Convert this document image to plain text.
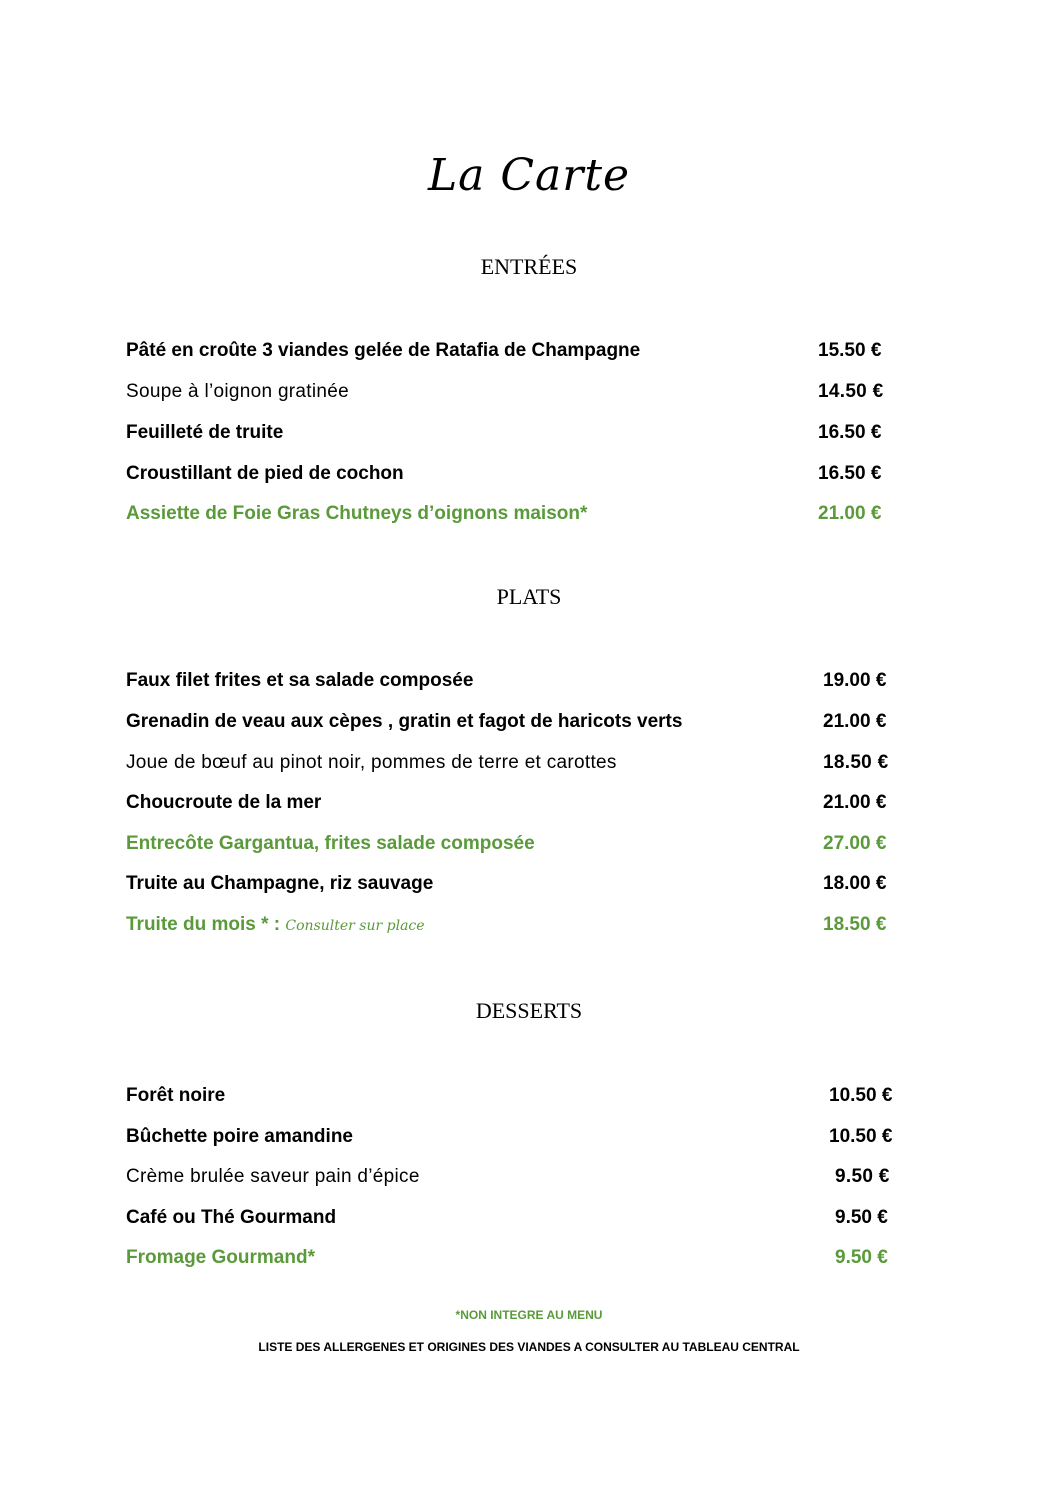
La Carte
ENTRÉES
Pâté en croûte 3 viandes gelée de Ratafia de Champagne	15.50 €
Soupe à l’oignon gratinée	14.50 €
Feuilleté de truite	16.50 €
Croustillant de pied de cochon	16.50 €
Assiette de Foie Gras Chutneys d’oignons maison*	21.00 €
PLATS
Faux filet frites et sa salade composée	19.00 €
Grenadin de veau aux cèpes , gratin et fagot de haricots verts	21.00 €
Joue de bœuf au pinot noir, pommes de terre et carottes	18.50 €
Choucroute de la mer	21.00 €
Entrecôte Gargantua, frites salade composée	27.00 €
Truite au Champagne, riz sauvage	18.00 €
Truite du mois * : Consulter sur place	18.50 €
DESSERTS
Forêt noire	10.50 €
Bûchette poire amandine	10.50 €
Crème brulée saveur pain d’épice	9.50 €
Café ou Thé Gourmand	9.50 €
Fromage Gourmand*	9.50 €

*NON INTEGRE AU MENU

LISTE DES ALLERGENES ET ORIGINES DES VIANDES A CONSULTER AU TABLEAU CENTRAL
